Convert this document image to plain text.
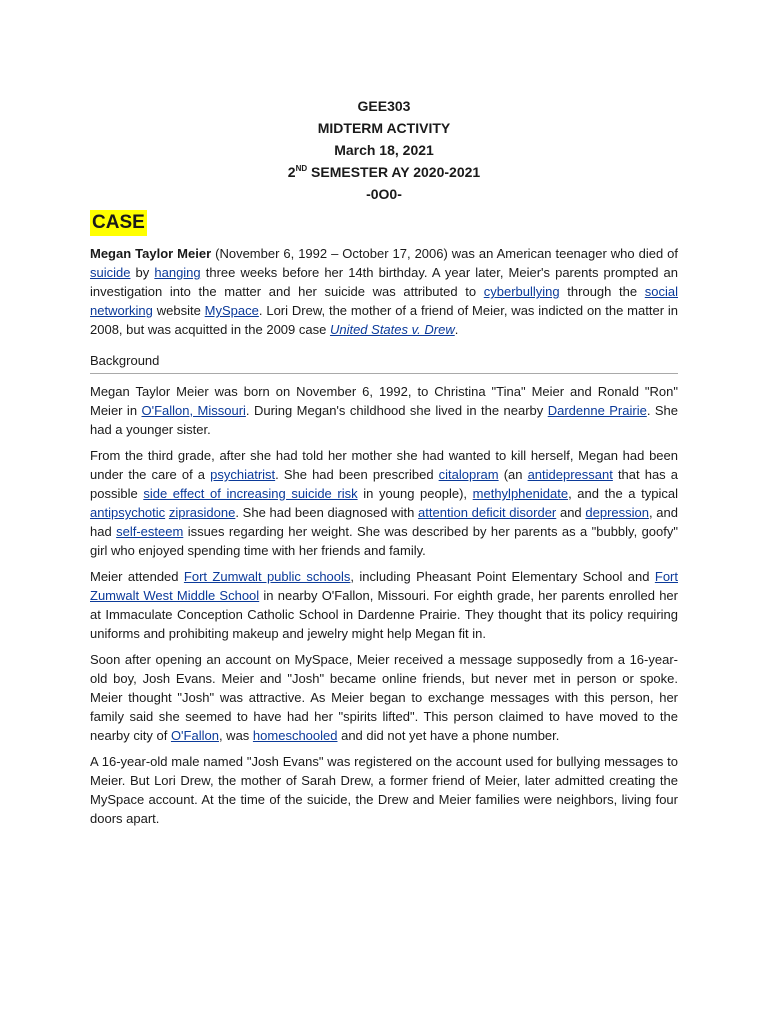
GEE303
MIDTERM ACTIVITY
March 18, 2021
2ND SEMESTER AY 2020-2021
-0O0-
CASE

Megan Taylor Meier (November 6, 1992 – October 17, 2006) was an American teenager who died of suicide by hanging three weeks before her 14th birthday. A year later, Meier's parents prompted an investigation into the matter and her suicide was attributed to cyberbullying through the social networking website MySpace. Lori Drew, the mother of a friend of Meier, was indicted on the matter in 2008, but was acquitted in the 2009 case United States v. Drew.

Background

Megan Taylor Meier was born on November 6, 1992, to Christina "Tina" Meier and Ronald "Ron" Meier in O'Fallon, Missouri. During Megan's childhood she lived in the nearby Dardenne Prairie. She had a younger sister.

From the third grade, after she had told her mother she had wanted to kill herself, Megan had been under the care of a psychiatrist. She had been prescribed citalopram (an antidepressant that has a possible side effect of increasing suicide risk in young people), methylphenidate, and the a typical antipsychotic ziprasidone. She had been diagnosed with attention deficit disorder and depression, and had self-esteem issues regarding her weight. She was described by her parents as a "bubbly, goofy" girl who enjoyed spending time with her friends and family.

Meier attended Fort Zumwalt public schools, including Pheasant Point Elementary School and Fort Zumwalt West Middle School in nearby O'Fallon, Missouri. For eighth grade, her parents enrolled her at Immaculate Conception Catholic School in Dardenne Prairie. They thought that its policy requiring uniforms and prohibiting makeup and jewelry might help Megan fit in.

Soon after opening an account on MySpace, Meier received a message supposedly from a 16-year-old boy, Josh Evans. Meier and "Josh" became online friends, but never met in person or spoke. Meier thought "Josh" was attractive. As Meier began to exchange messages with this person, her family said she seemed to have had her "spirits lifted". This person claimed to have moved to the nearby city of O'Fallon, was homeschooled and did not yet have a phone number.

A 16-year-old male named "Josh Evans" was registered on the account used for bullying messages to Meier. But Lori Drew, the mother of Sarah Drew, a former friend of Meier, later admitted creating the MySpace account. At the time of the suicide, the Drew and Meier families were neighbors, living four doors apart.
